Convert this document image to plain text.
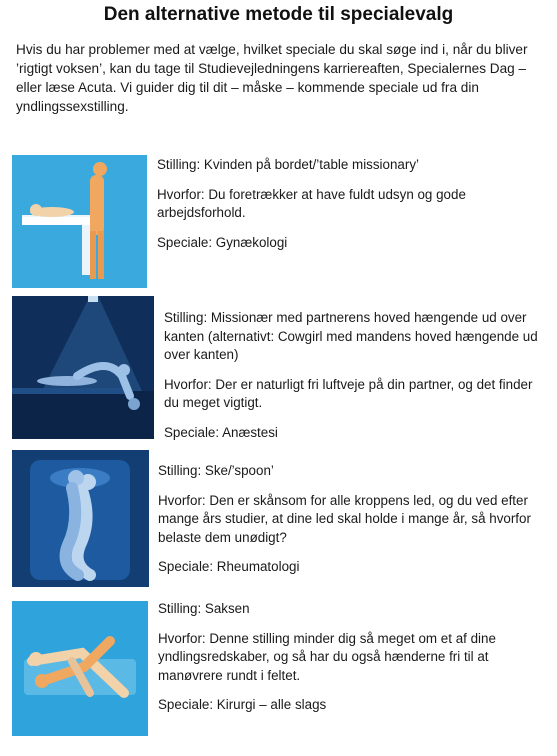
Den alternative metode til specialevalg
Hvis du har problemer med at vælge, hvilket speciale du skal søge ind i, når du bliver ’rigtigt voksen’, kan du tage til Studievejledningens karriereaften, Specialernes Dag – eller læse Acuta. Vi guider dig til dit – måske – kommende speciale ud fra din yndlingssexstilling.

Stilling: Kvinden på bordet/’table missionary’

Hvorfor: Du foretrækker at have fuldt udsyn og gode arbejdsforhold.

Speciale: Gynækologi

Stilling: Missionær med partnerens hoved hængende ud over kanten (alternativt: Cowgirl med mandens hoved hængende ud over kanten)

Hvorfor: Der er naturligt fri luftveje på din partner, og det finder du meget vigtigt.

Speciale: Anæstesi

Stilling: Ske/’spoon’

Hvorfor: Den er skånsom for alle kroppens led, og du ved efter mange års studier, at dine led skal holde i mange år, så hvorfor belaste dem unødigt?

Speciale: Rheumatologi

Stilling: Saksen

Hvorfor: Denne stilling minder dig så meget om et af dine yndlingsredskaber, og så har du også hænderne fri til at manøvrere rundt i feltet.

Speciale: Kirurgi – alle slags
